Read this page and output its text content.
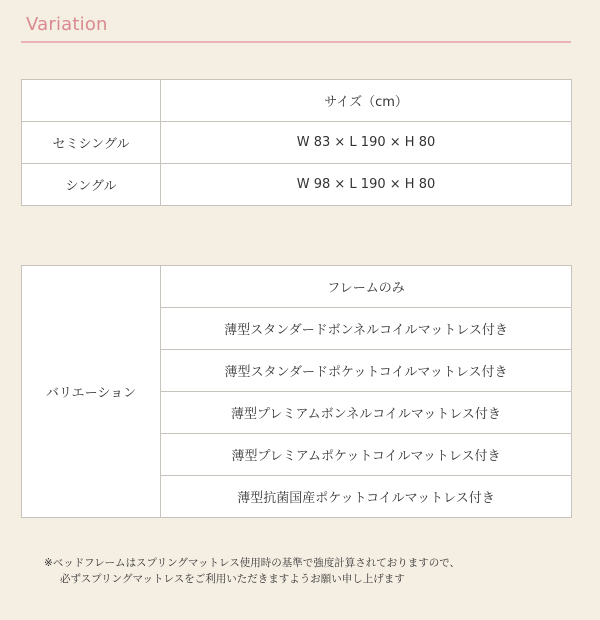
Variation
	サイズ（cm）
セミシングル	W 83 × L 190 × H 80
シングル	W 98 × L 190 × H 80
バリエーション	フレームのみ
薄型スタンダードボンネルコイルマットレス付き
薄型スタンダードポケットコイルマットレス付き
薄型プレミアムボンネルコイルマットレス付き
薄型プレミアムポケットコイルマットレス付き
薄型抗菌国産ポケットコイルマットレス付き
※ベッドフレームはスプリングマットレス使用時の基準で強度計算されておりますので、
必ずスプリングマットレスをご利用いただきますようお願い申し上げます
